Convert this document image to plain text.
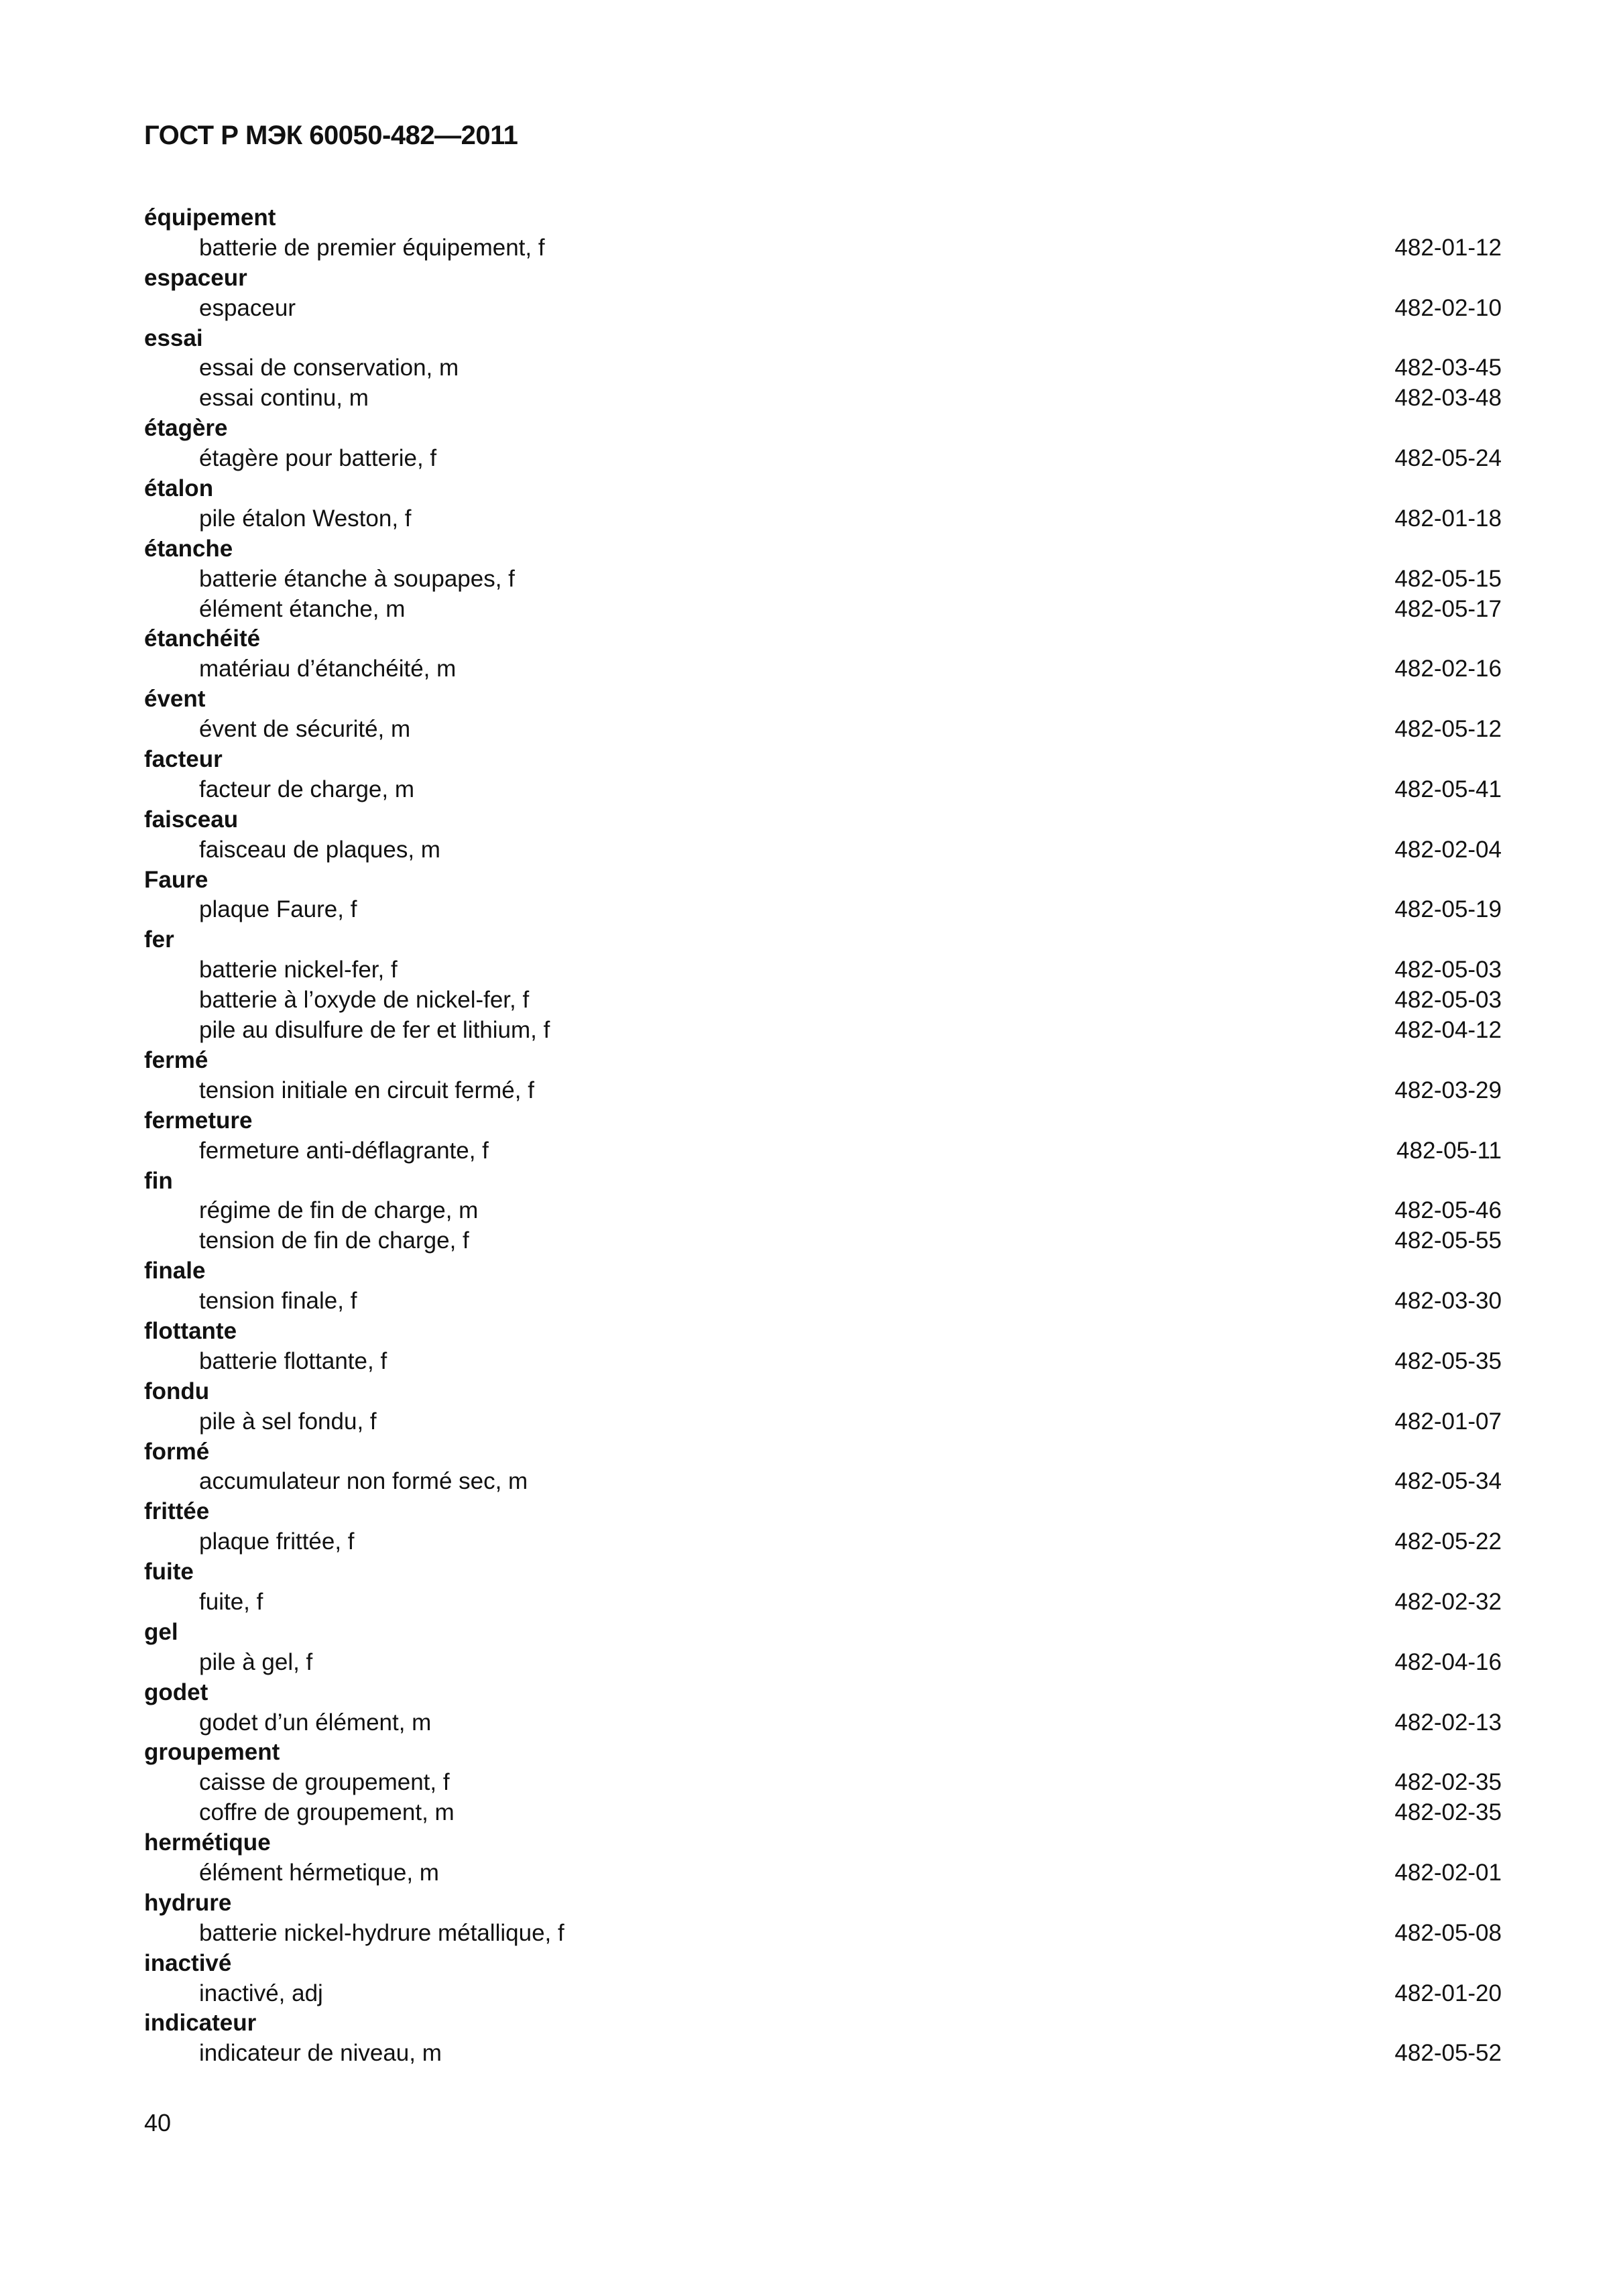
ГОСТ Р МЭК 60050-482—2011
équipement
batterie de premier équipement, f	482-01-12
espaceur
espaceur	482-02-10
essai
essai de conservation, m	482-03-45
essai continu, m	482-03-48
étagère
étagère pour batterie, f	482-05-24
étalon
pile étalon Weston, f	482-01-18
étanche
batterie étanche à soupapes, f	482-05-15
élément étanche, m	482-05-17
étanchéité
matériau d’étanchéité, m	482-02-16
évent
évent de sécurité, m	482-05-12
facteur
facteur de charge, m	482-05-41
faisceau
faisceau de plaques, m	482-02-04
Faure
plaque Faure, f	482-05-19
fer
batterie nickel-fer, f	482-05-03
batterie à l’oxyde de nickel-fer, f	482-05-03
pile au disulfure de fer et lithium, f	482-04-12
fermé
tension initiale en circuit fermé, f	482-03-29
fermeture
fermeture anti-déflagrante, f	482-05-11
fin
régime de fin de charge, m	482-05-46
tension de fin de charge, f	482-05-55
finale
tension finale, f	482-03-30
flottante
batterie flottante, f	482-05-35
fondu
pile à sel fondu, f	482-01-07
formé
accumulateur non formé sec, m	482-05-34
frittée
plaque frittée, f	482-05-22
fuite
fuite, f	482-02-32
gel
pile à gel, f	482-04-16
godet
godet d’un élément, m	482-02-13
groupement
caisse de groupement, f	482-02-35
coffre de groupement, m	482-02-35
hermétique
élément hérmetique, m	482-02-01
hydrure
batterie nickel-hydrure métallique, f	482-05-08
inactivé
inactivé, adj	482-01-20
indicateur
indicateur de niveau, m	482-05-52
40
